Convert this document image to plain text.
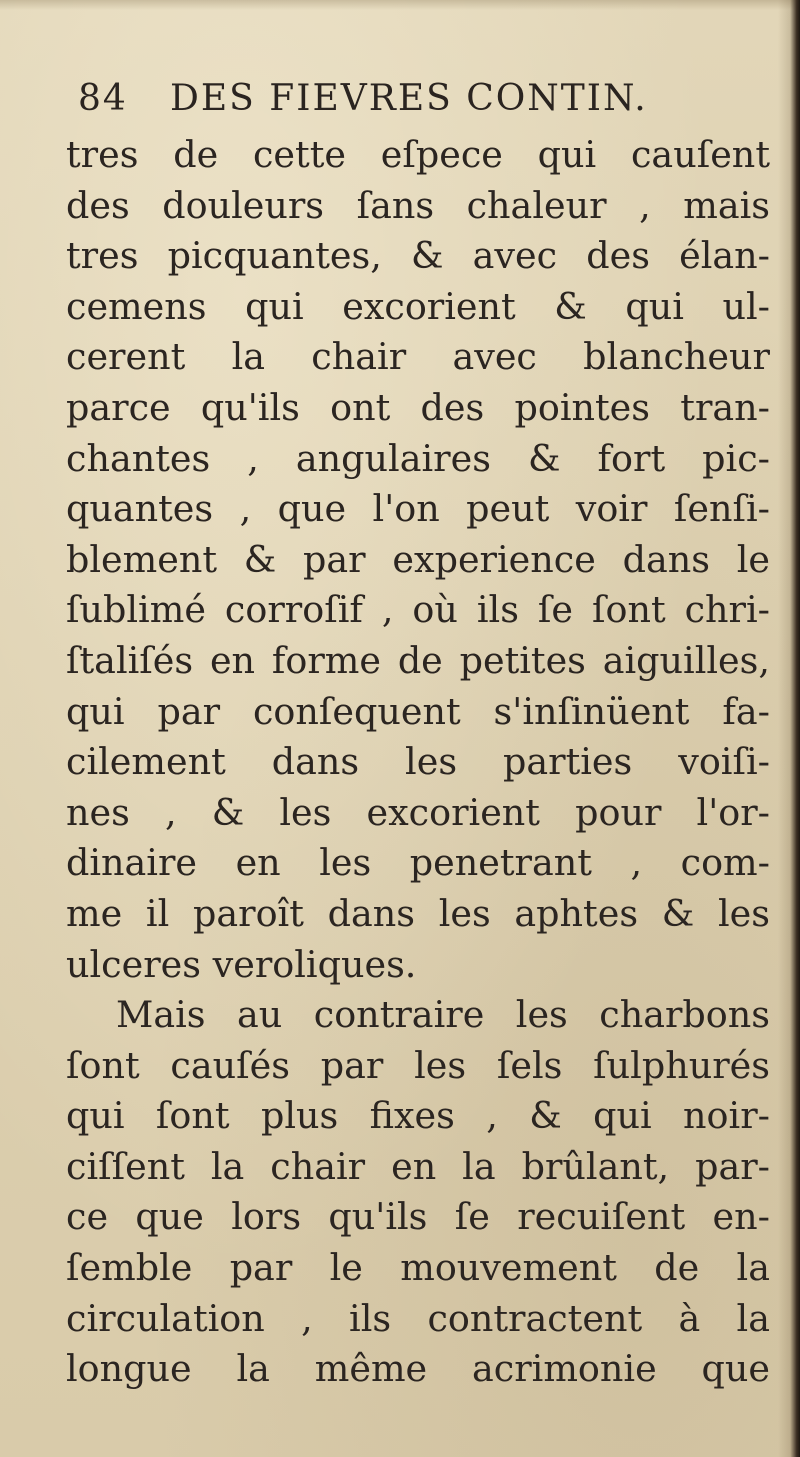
84 DES FIEVRES CONTIN.
tres de cette eſpece qui cauſent
des douleurs ſans chaleur , mais
tres picquantes, & avec des élan-
cemens qui excorient & qui ul-
cerent la chair avec blancheur
parce qu'ils ont des pointes tran-
chantes , angulaires & fort pic-
quantes , que l'on peut voir ſenſi-
blement & par experience dans le
ſublimé corroſif , où ils ſe ſont chri-
ſtaliſés en forme de petites aiguilles,
qui par conſequent s'inſinüent fa-
cilement dans les parties voiſi-
nes , & les excorient pour l'or-
dinaire en les penetrant , com-
me il paroît dans les aphtes & les
ulceres veroliques.
Mais au contraire les charbons
ſont cauſés par les ſels ſulphurés
qui ſont plus fixes , & qui noir-
ciſſent la chair en la brûlant, par-
ce que lors qu'ils ſe recuiſent en-
ſemble par le mouvement de la
circulation , ils contractent à la
longue la même acrimonie que
